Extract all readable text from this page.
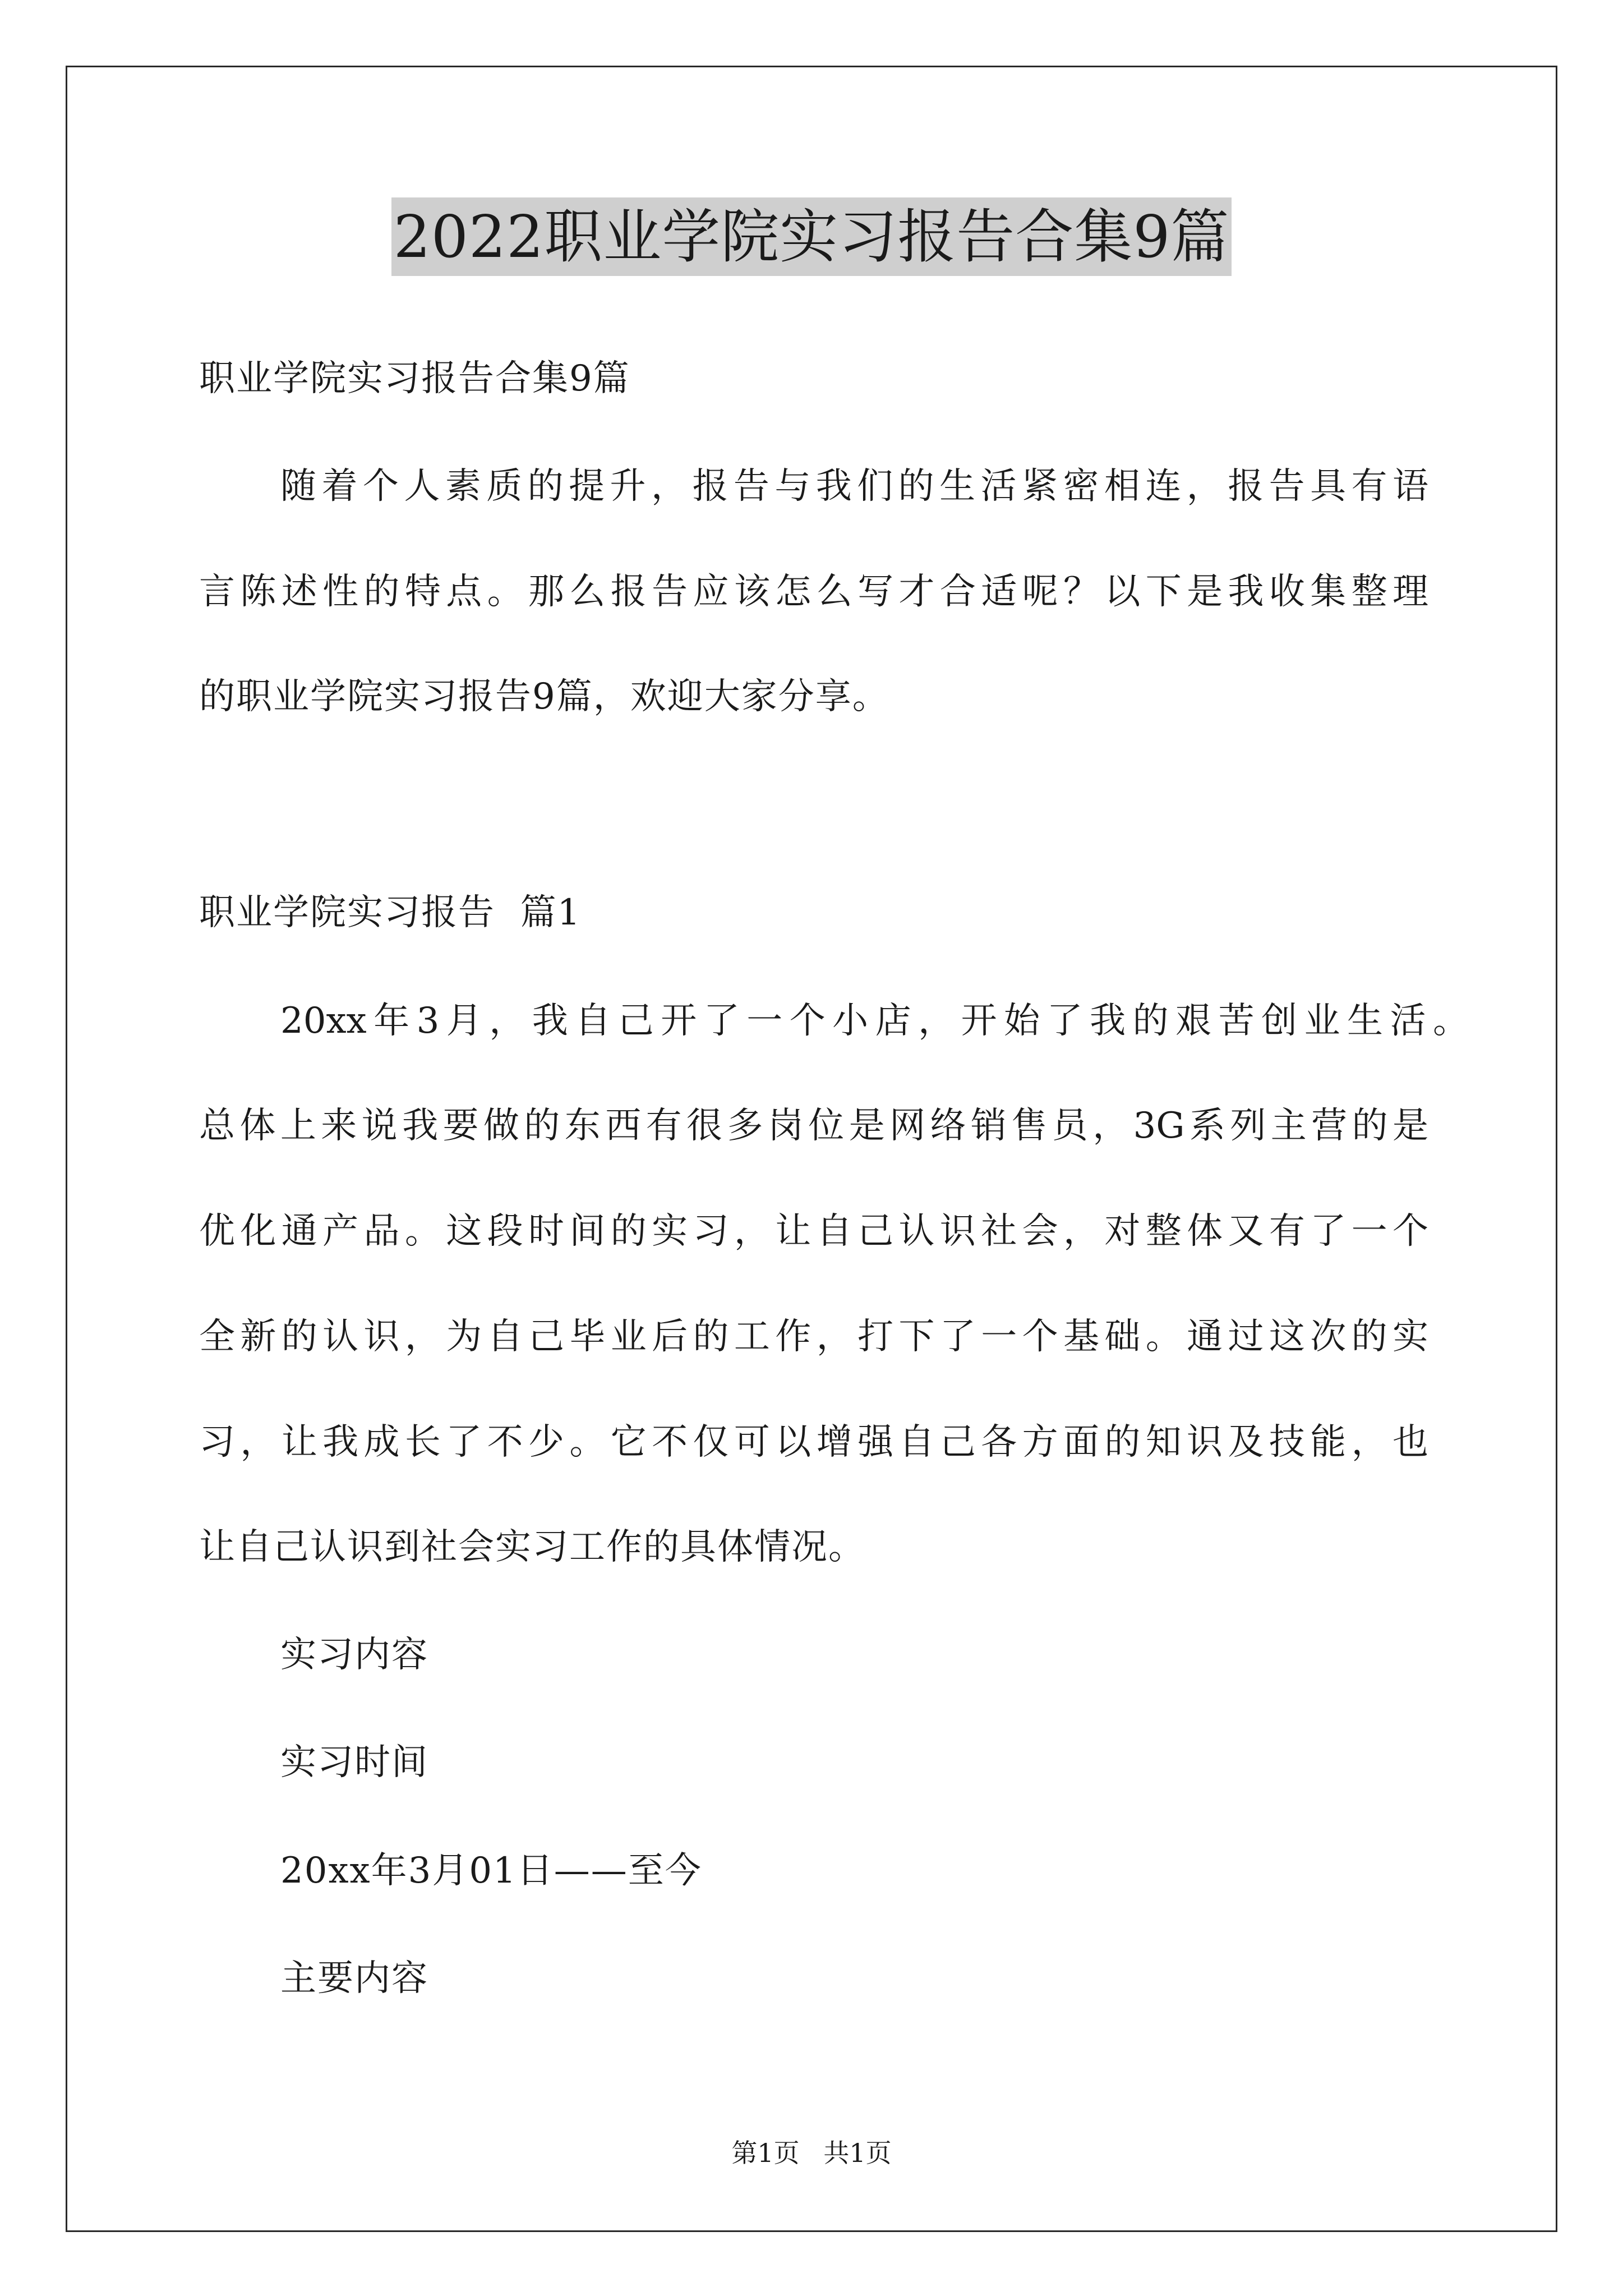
2022职业学院实习报告合集9篇
职业学院实习报告合集9篇
随着个人素质的提升，报告与我们的生活紧密相连，报告具有语
言陈述性的特点。那么报告应该怎么写才合适呢？以下是我收集整理
的职业学院实习报告9篇，欢迎大家分享。
职业学院实习报告  篇1
20xx年3月，我自己开了一个小店，开始了我的艰苦创业生活。
总体上来说我要做的东西有很多岗位是网络销售员，3G系列主营的是
优化通产品。这段时间的实习，让自己认识社会，对整体又有了一个
全新的认识，为自己毕业后的工作，打下了一个基础。通过这次的实
习，让我成长了不少。它不仅可以增强自己各方面的知识及技能，也
让自己认识到社会实习工作的具体情况。
实习内容
实习时间
20xx年3月01日——至今
主要内容
第1页 共1页
